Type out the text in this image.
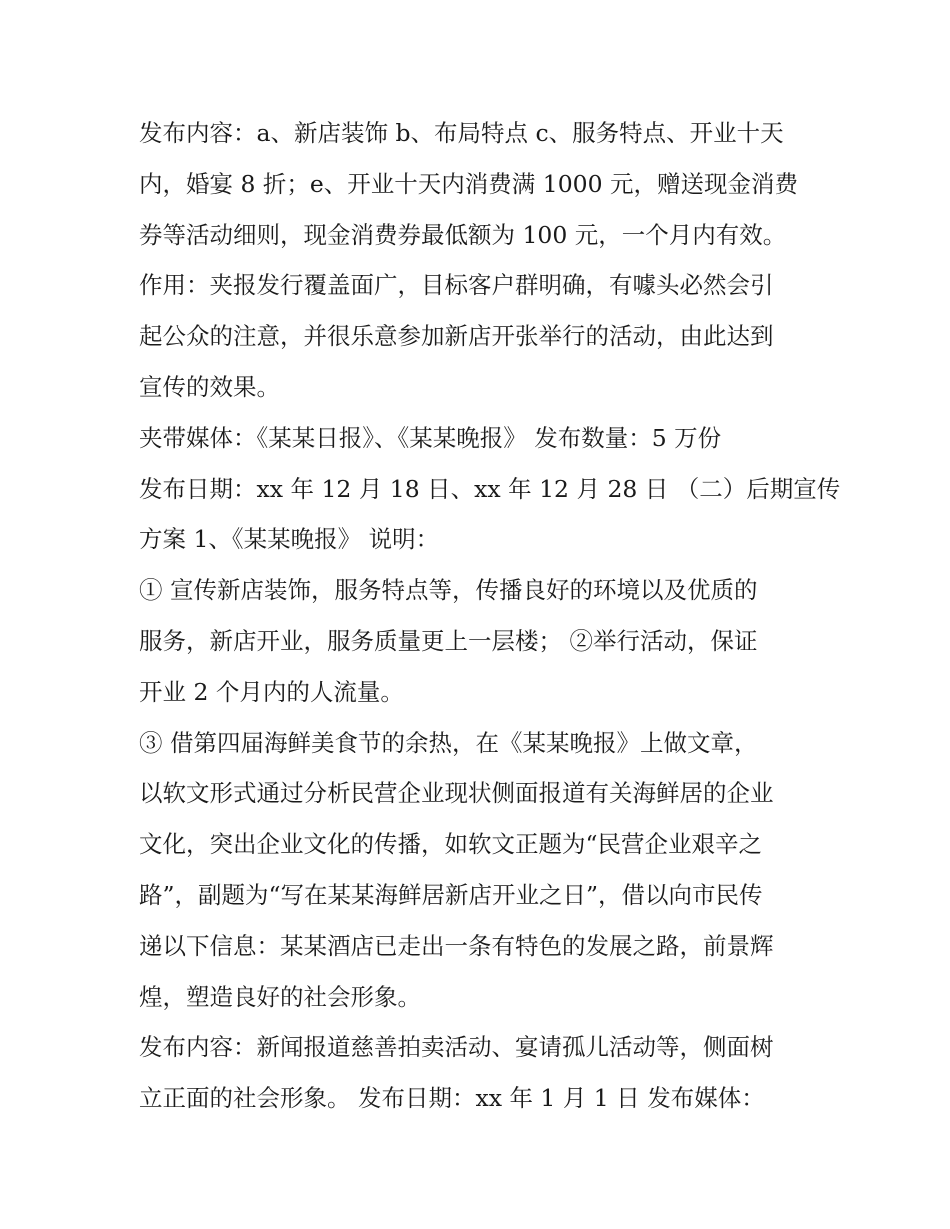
发布内容：a、新店装饰 b、布局特点 c、服务特点、开业十天
内，婚宴 8 折；e、开业十天内消费满 1000 元，赠送现金消费
券等活动细则，现金消费券最低额为 100 元，一个月内有效。
作用：夹报发行覆盖面广，目标客户群明确，有噱头必然会引
起公众的注意，并很乐意参加新店开张举行的活动，由此达到
宣传的效果。
夹带媒体：《某某日报》、《某某晚报》 发布数量：5 万份
发布日期：xx 年 12 月 18 日、xx 年 12 月 28 日 （二）后期宣传
方案 1、《某某晚报》 说明：
① 宣传新店装饰，服务特点等，传播良好的环境以及优质的
服务，新店开业，服务质量更上一层楼； ②举行活动，保证
开业 2 个月内的人流量。
③ 借第四届海鲜美食节的余热，在《某某晚报》上做文章，
以软文形式通过分析民营企业现状侧面报道有关海鲜居的企业
文化，突出企业文化的传播，如软文正题为“民营企业艰辛之
路”，副题为“写在某某海鲜居新店开业之日”，借以向市民传
递以下信息：某某酒店已走出一条有特色的发展之路，前景辉
煌，塑造良好的社会形象。
发布内容：新闻报道慈善拍卖活动、宴请孤儿活动等，侧面树
立正面的社会形象。 发布日期：xx 年 1 月 1 日 发布媒体：
